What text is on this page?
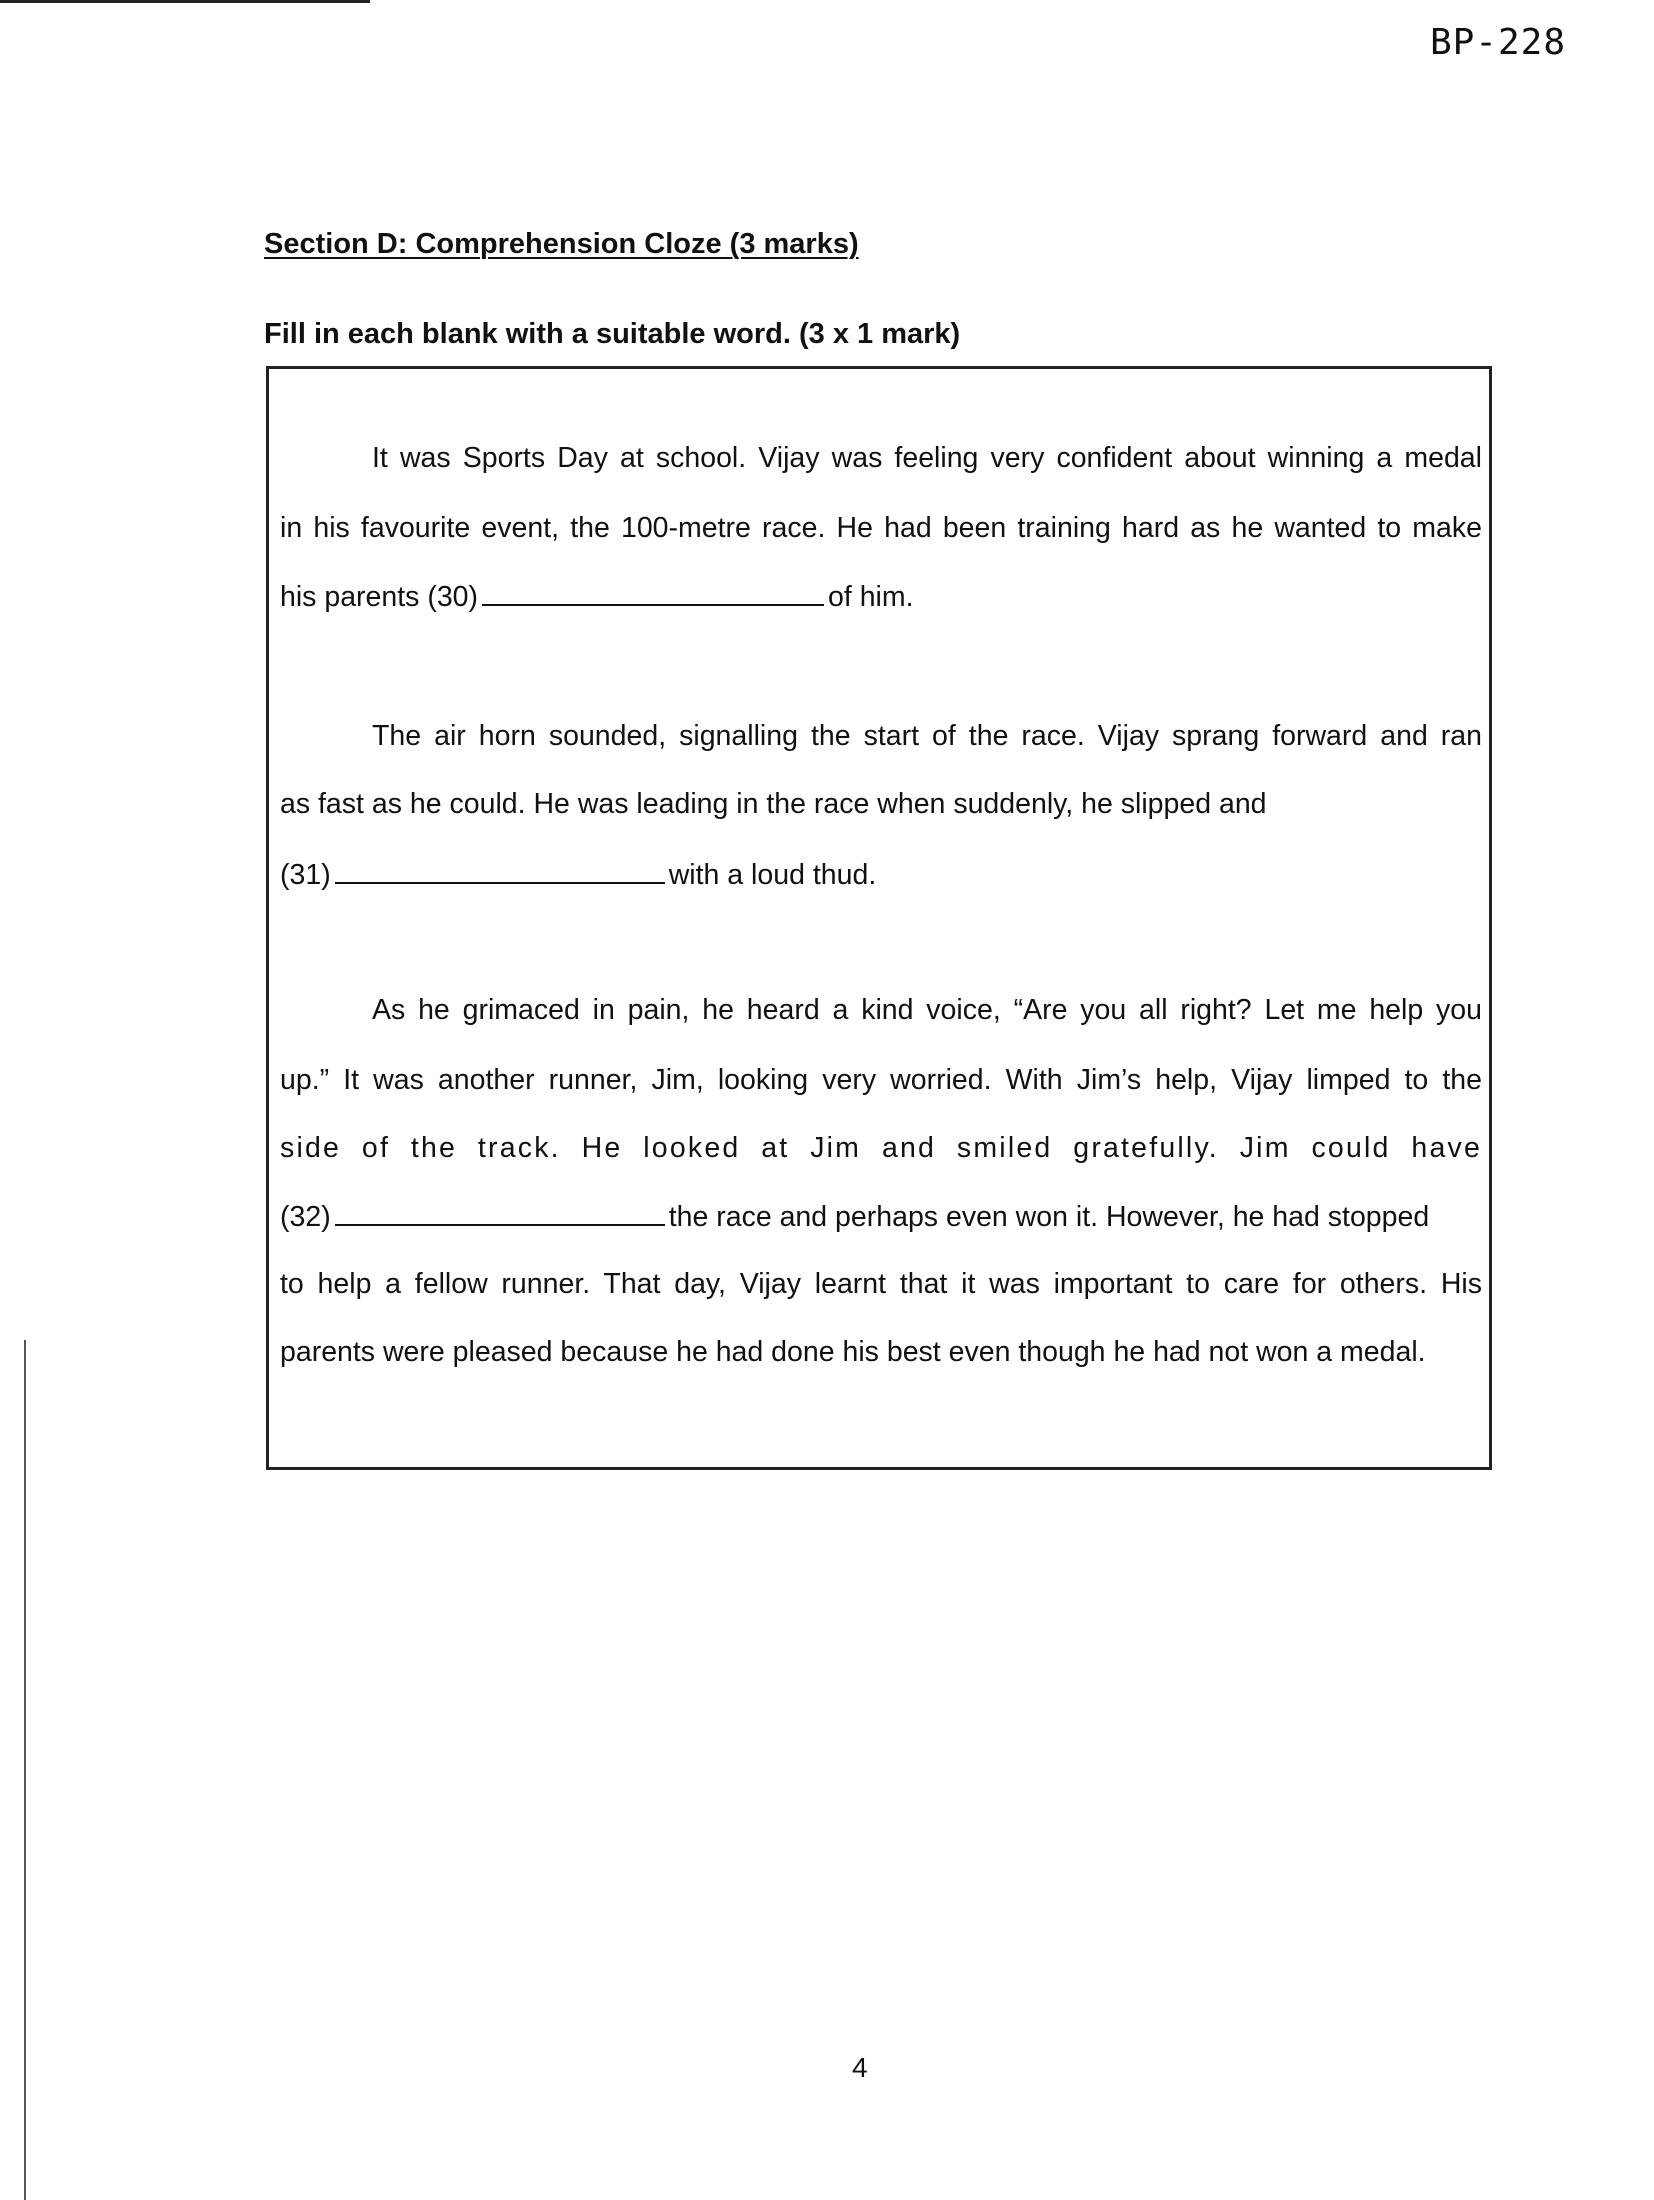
BP-228
Section D: Comprehension Cloze (3 marks)
Fill in each blank with a suitable word. (3 x 1 mark)
It was Sports Day at school. Vijay was feeling very confident about winning a medal
in his favourite event, the 100-metre race. He had been training hard as he wanted to make
his parents (30)	of him.
The air horn sounded, signalling the start of the race. Vijay sprang forward and ran
as fast as he could. He was leading in the race when suddenly, he slipped and
(31)	with a loud thud.
As he grimaced in pain, he heard a kind voice, “Are you all right? Let me help you
up.” It was another runner, Jim, looking very worried. With Jim’s help, Vijay limped to the
side of the track. He looked at Jim and smiled gratefully. Jim could have
(32)	the race and perhaps even won it. However, he had stopped
to help a fellow runner. That day, Vijay learnt that it was important to care for others. His
parents were pleased because he had done his best even though he had not won a medal.
4
